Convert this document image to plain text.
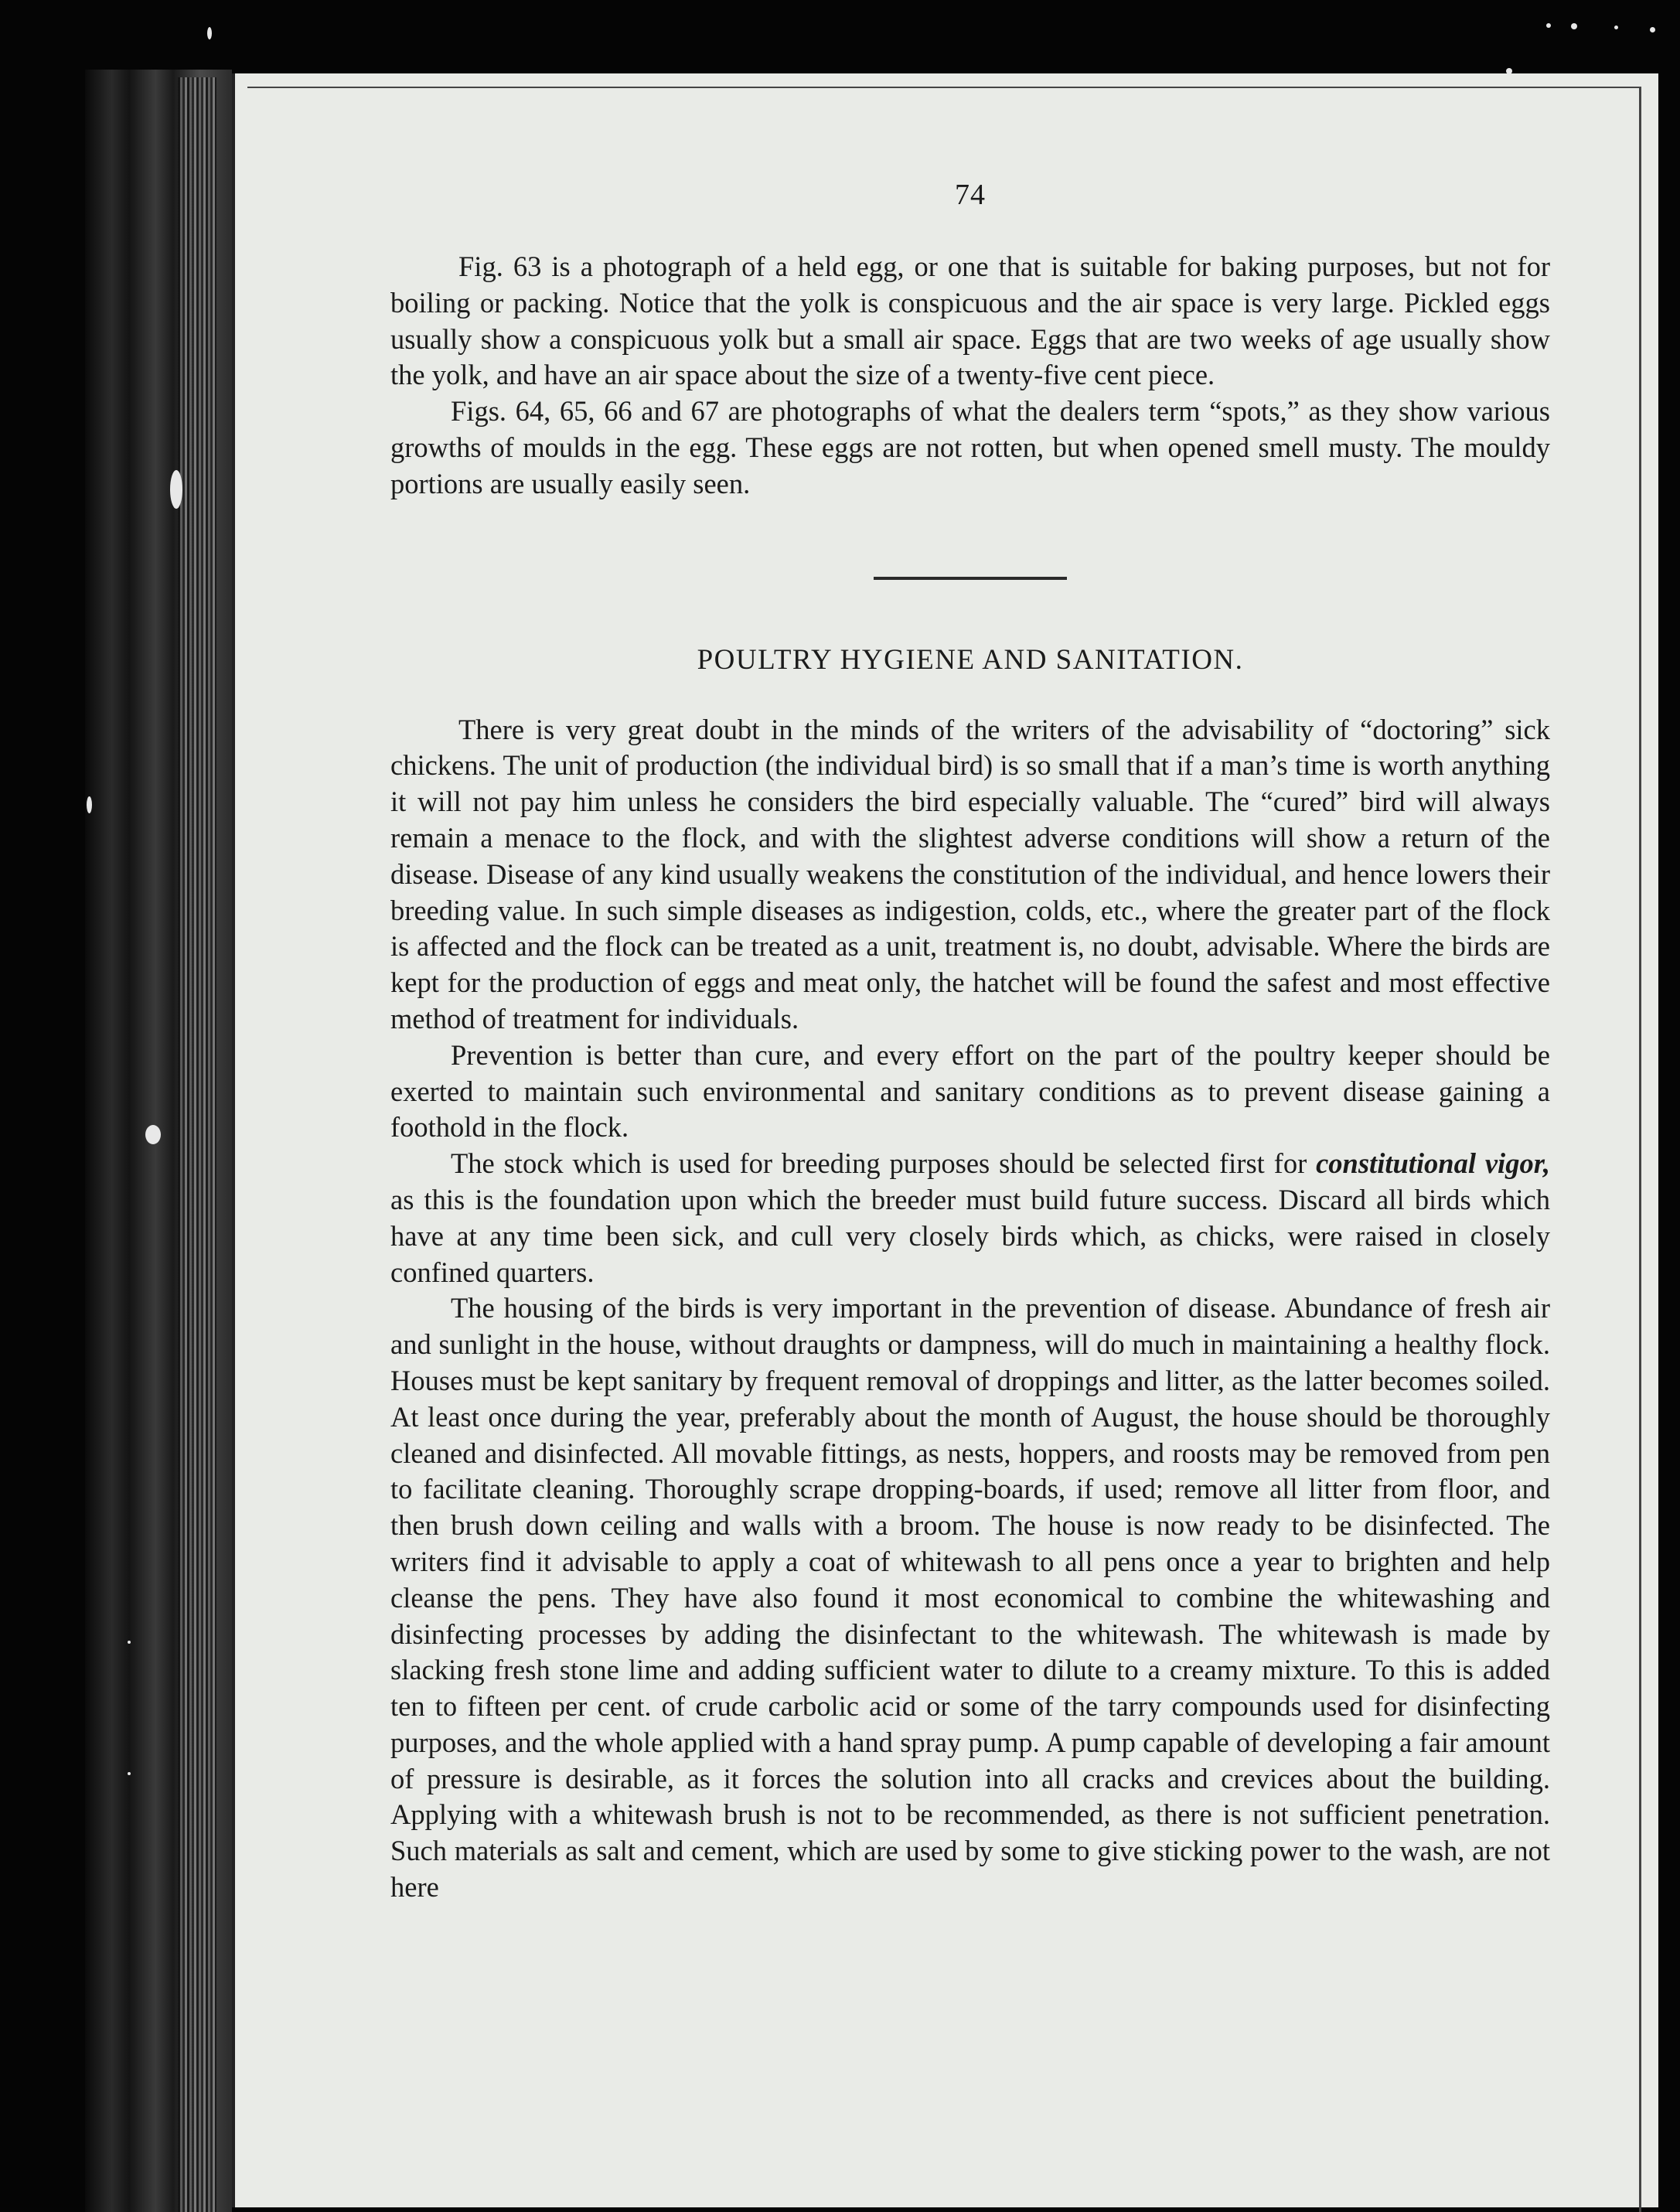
74

Fig. 63 is a photograph of a held egg, or one that is suitable for baking purposes, but not for boiling or packing. Notice that the yolk is conspicuous and the air space is very large. Pickled eggs usually show a conspicuous yolk but a small air space. Eggs that are two weeks of age usually show the yolk, and have an air space about the size of a twenty-five cent piece.

Figs. 64, 65, 66 and 67 are photographs of what the dealers term “spots,” as they show various growths of moulds in the egg. These eggs are not rotten, but when opened smell musty. The mouldy portions are usually easily seen.

POULTRY HYGIENE AND SANITATION.

There is very great doubt in the minds of the writers of the advisability of “doctoring” sick chickens. The unit of production (the individual bird) is so small that if a man’s time is worth anything it will not pay him unless he considers the bird especially valuable. The “cured” bird will always remain a menace to the flock, and with the slightest adverse conditions will show a return of the disease. Disease of any kind usually weakens the constitution of the individual, and hence lowers their breeding value. In such simple diseases as indigestion, colds, etc., where the greater part of the flock is affected and the flock can be treated as a unit, treatment is, no doubt, advisable. Where the birds are kept for the production of eggs and meat only, the hatchet will be found the safest and most effective method of treatment for individuals.

Prevention is better than cure, and every effort on the part of the poultry keeper should be exerted to maintain such environmental and sanitary conditions as to prevent disease gaining a foothold in the flock.

The stock which is used for breeding purposes should be selected first for constitutional vigor, as this is the foundation upon which the breeder must build future success. Discard all birds which have at any time been sick, and cull very closely birds which, as chicks, were raised in closely confined quarters.

The housing of the birds is very important in the prevention of disease. Abundance of fresh air and sunlight in the house, without draughts or dampness, will do much in maintaining a healthy flock. Houses must be kept sanitary by frequent removal of droppings and litter, as the latter becomes soiled. At least once during the year, preferably about the month of August, the house should be thoroughly cleaned and disinfected. All movable fittings, as nests, hoppers, and roosts may be removed from pen to facilitate cleaning. Thoroughly scrape dropping-boards, if used; remove all litter from floor, and then brush down ceiling and walls with a broom. The house is now ready to be disinfected. The writers find it advisable to apply a coat of whitewash to all pens once a year to brighten and help cleanse the pens. They have also found it most economical to combine the whitewashing and disinfecting processes by adding the disinfectant to the whitewash. The whitewash is made by slacking fresh stone lime and adding sufficient water to dilute to a creamy mixture. To this is added ten to fifteen per cent. of crude carbolic acid or some of the tarry compounds used for disinfecting purposes, and the whole applied with a hand spray pump. A pump capable of developing a fair amount of pressure is desirable, as it forces the solution into all cracks and crevices about the building. Applying with a whitewash brush is not to be recommended, as there is not sufficient penetration. Such materials as salt and cement, which are used by some to give sticking power to the wash, are not here
